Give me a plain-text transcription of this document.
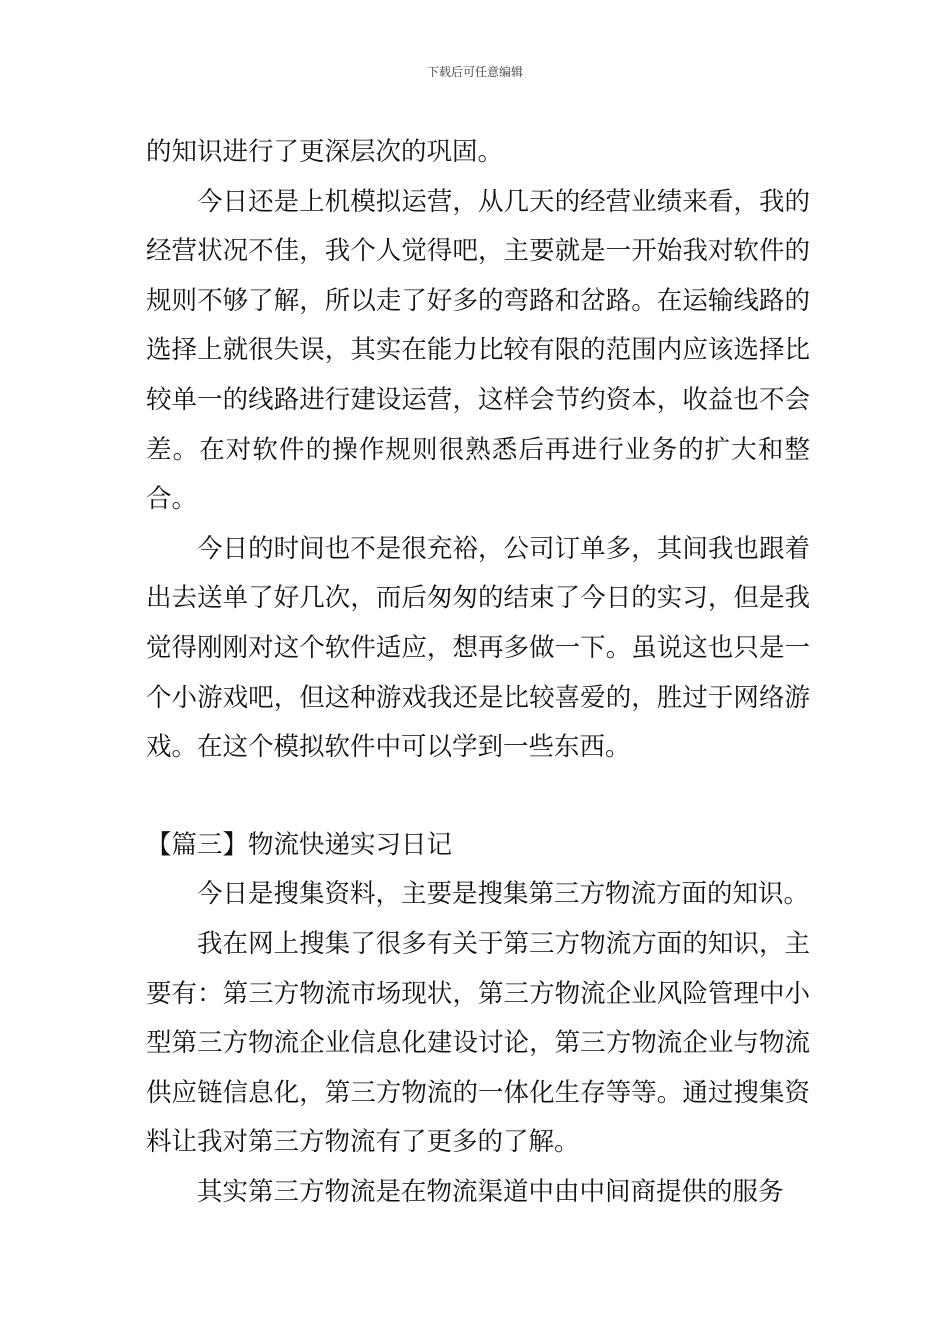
下载后可任意编辑

的知识进行了更深层次的巩固。

今日还是上机模拟运营，从几天的经营业绩来看，我的经营状况不佳，我个人觉得吧，主要就是一开始我对软件的规则不够了解，所以走了好多的弯路和岔路。在运输线路的选择上就很失误，其实在能力比较有限的范围内应该选择比较单一的线路进行建设运营，这样会节约资本，收益也不会差。在对软件的操作规则很熟悉后再进行业务的扩大和整合。

今日的时间也不是很充裕，公司订单多，其间我也跟着出去送单了好几次，而后匆匆的结束了今日的实习，但是我觉得刚刚对这个软件适应，想再多做一下。虽说这也只是一个小游戏吧，但这种游戏我还是比较喜爱的，胜过于网络游戏。在这个模拟软件中可以学到一些东西。

【篇三】物流快递实习日记

今日是搜集资料，主要是搜集第三方物流方面的知识。

我在网上搜集了很多有关于第三方物流方面的知识，主要有：第三方物流市场现状，第三方物流企业风险管理中小型第三方物流企业信息化建设讨论，第三方物流企业与物流供应链信息化，第三方物流的一体化生存等等。通过搜集资料让我对第三方物流有了更多的了解。

其实第三方物流是在物流渠道中由中间商提供的服务
